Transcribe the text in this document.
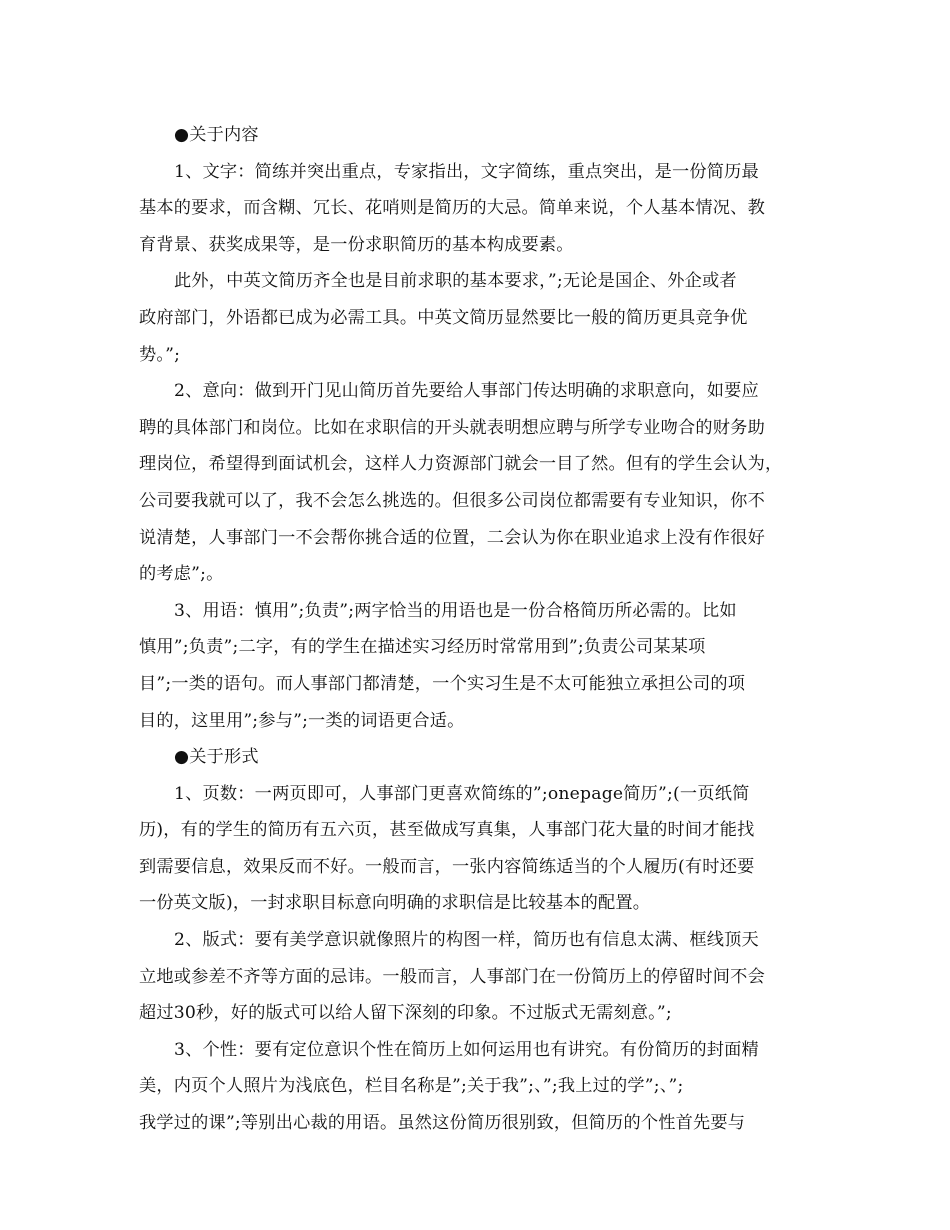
●关于内容
1、文字：简练并突出重点，专家指出，文字简练，重点突出，是一份简历最
基本的要求，而含糊、冗长、花哨则是简历的大忌。简单来说，个人基本情况、教
育背景、获奖成果等，是一份求职简历的基本构成要素。
此外，中英文简历齐全也是目前求职的基本要求，”;无论是国企、外企或者
政府部门，外语都已成为必需工具。中英文简历显然要比一般的简历更具竞争优
势。”;
2、意向：做到开门见山简历首先要给人事部门传达明确的求职意向，如要应
聘的具体部门和岗位。比如在求职信的开头就表明想应聘与所学专业吻合的财务助
理岗位，希望得到面试机会，这样人力资源部门就会一目了然。但有的学生会认为，
公司要我就可以了，我不会怎么挑选的。但很多公司岗位都需要有专业知识，你不
说清楚，人事部门一不会帮你挑合适的位置，二会认为你在职业追求上没有作很好
的考虑”;。
3、用语：慎用”;负责”;两字恰当的用语也是一份合格简历所必需的。比如
慎用”;负责”;二字，有的学生在描述实习经历时常常用到”;负责公司某某项
目”;一类的语句。而人事部门都清楚，一个实习生是不太可能独立承担公司的项
目的，这里用”;参与”;一类的词语更合适。
●关于形式
1、页数：一两页即可，人事部门更喜欢简练的”;onepage简历”;(一页纸简
历)，有的学生的简历有五六页，甚至做成写真集，人事部门花大量的时间才能找
到需要信息，效果反而不好。一般而言，一张内容简练适当的个人履历(有时还要
一份英文版)，一封求职目标意向明确的求职信是比较基本的配置。
2、版式：要有美学意识就像照片的构图一样，简历也有信息太满、框线顶天
立地或参差不齐等方面的忌讳。一般而言，人事部门在一份简历上的停留时间不会
超过30秒，好的版式可以给人留下深刻的印象。不过版式无需刻意。”;
3、个性：要有定位意识个性在简历上如何运用也有讲究。有份简历的封面精
美，内页个人照片为浅底色，栏目名称是”;关于我”;、”;我上过的学”;、”;
我学过的课”;等别出心裁的用语。虽然这份简历很别致，但简历的个性首先要与
